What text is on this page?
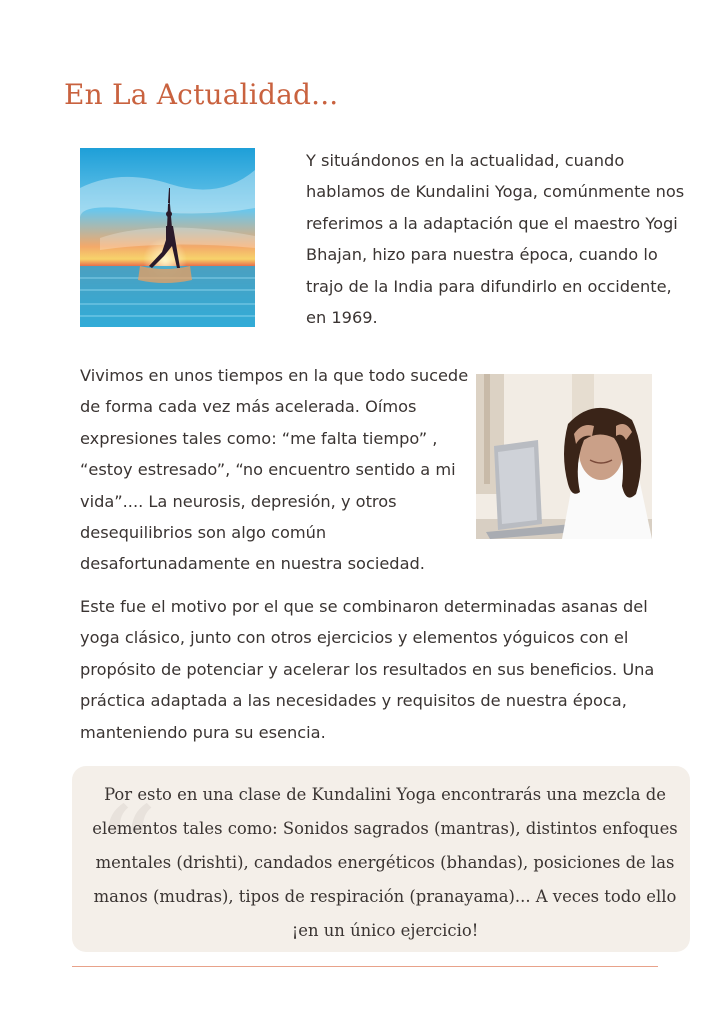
En La Actualidad...

Y situándonos en la actualidad, cuando hablamos de Kundalini Yoga, comúnmente nos referimos a la adaptación que el maestro Yogi Bhajan, hizo para nuestra época, cuando lo trajo de la India para difundirlo en occidente, en 1969.

Vivimos en unos tiempos en la que todo sucede de forma cada vez más acelerada. Oímos expresiones tales como: “me falta tiempo” , “estoy estresado”, “no encuentro sentido a mi vida”.... La neurosis, depresión, y otros desequilibrios son algo común desafortunadamente en nuestra sociedad.

Este fue el motivo por el que se combinaron determinadas asanas del yoga clásico, junto con otros ejercicios y elementos yóguicos con el propósito de potenciar y acelerar los resultados en sus beneficios. Una práctica adaptada a las necesidades y requisitos de nuestra época, manteniendo pura su esencia.

“

Por esto en una clase de Kundalini Yoga encontrarás una mezcla de elementos tales como: Sonidos sagrados (mantras), distintos enfoques mentales (drishti), candados energéticos (bhandas), posiciones de las manos (mudras), tipos de respiración (pranayama)... A veces todo ello ¡en un único ejercicio!
